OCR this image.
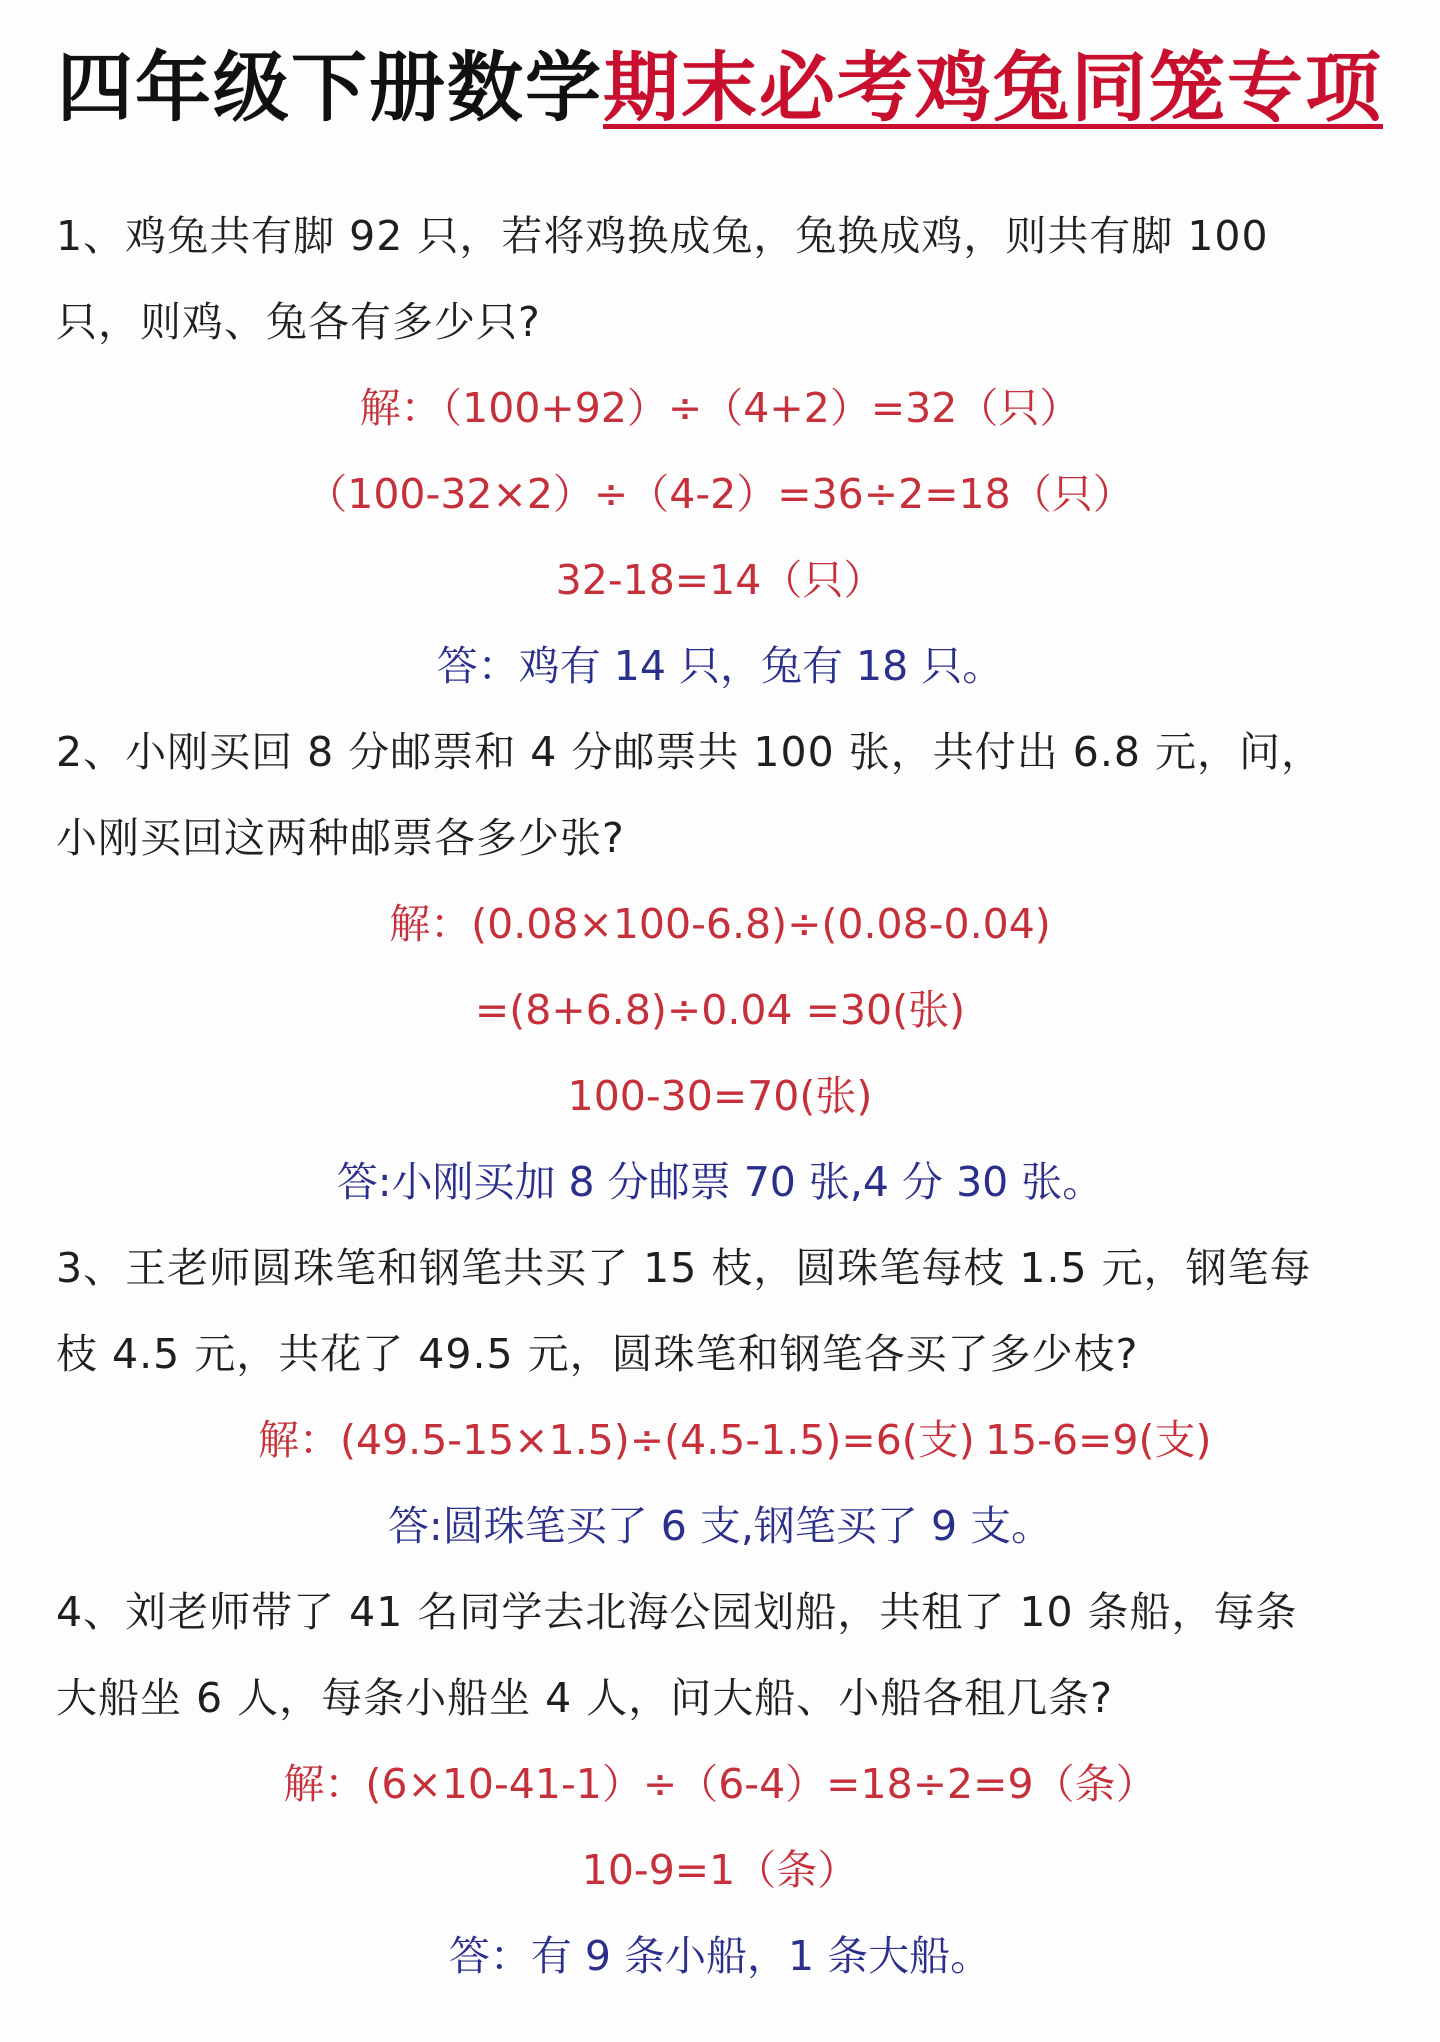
四年级下册数学期末必考鸡兔同笼专项
1、鸡兔共有脚 92 只，若将鸡换成兔，兔换成鸡，则共有脚 100
只，则鸡、兔各有多少只?
解：（100+92）÷（4+2）=32（只）
（100-32×2）÷（4-2）=36÷2=18（只）
32-18=14（只）
答：鸡有 14 只，兔有 18 只。
2、小刚买回 8 分邮票和 4 分邮票共 100 张，共付出 6.8 元，问，
小刚买回这两种邮票各多少张?
解：(0.08×100-6.8)÷(0.08-0.04)
=(8+6.8)÷0.04 =30(张)
100-30=70(张)
答:小刚买加 8 分邮票 70 张,4 分 30 张。
3、王老师圆珠笔和钢笔共买了 15 枝，圆珠笔每枝 1.5 元，钢笔每
枝 4.5 元，共花了 49.5 元，圆珠笔和钢笔各买了多少枝?
解：(49.5-15×1.5)÷(4.5-1.5)=6(支) 15-6=9(支)
答:圆珠笔买了 6 支,钢笔买了 9 支。
4、刘老师带了 41 名同学去北海公园划船，共租了 10 条船，每条
大船坐 6 人，每条小船坐 4 人，问大船、小船各租几条?
解：(6×10-41-1）÷（6-4）=18÷2=9（条）
10-9=1（条）
答：有 9 条小船，1 条大船。
